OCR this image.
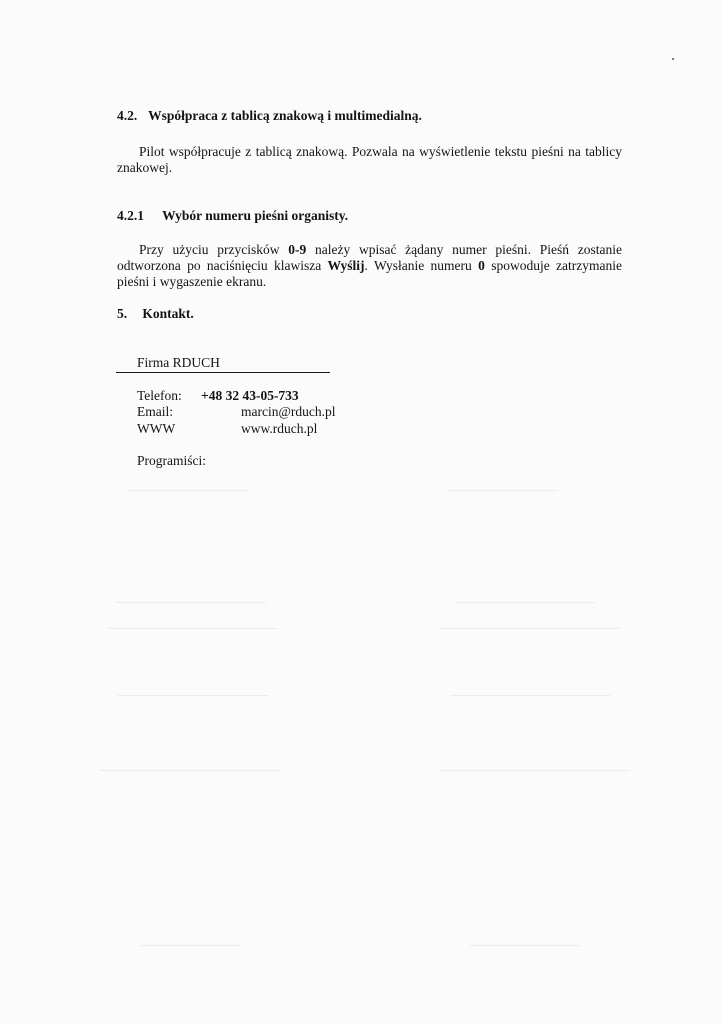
4.2. Współpraca z tablicą znakową i multimedialną.
Pilot współpracuje z tablicą znakową. Pozwala na wyświetlenie tekstu pieśni na tablicy znakowej.
4.2.1 Wybór numeru pieśni organisty.
Przy użyciu przycisków 0-9 należy wpisać żądany numer pieśni. Pieśń zostanie odtworzona po naciśnięciu klawisza Wyślij. Wysłanie numeru 0 spowoduje zatrzymanie pieśni i wygaszenie ekranu.
5. Kontakt.
Firma RDUCH
Telefon: +48 32 43-05-733
Email:	marcin@rduch.pl
WWW	www.rduch.pl
Programiści:
